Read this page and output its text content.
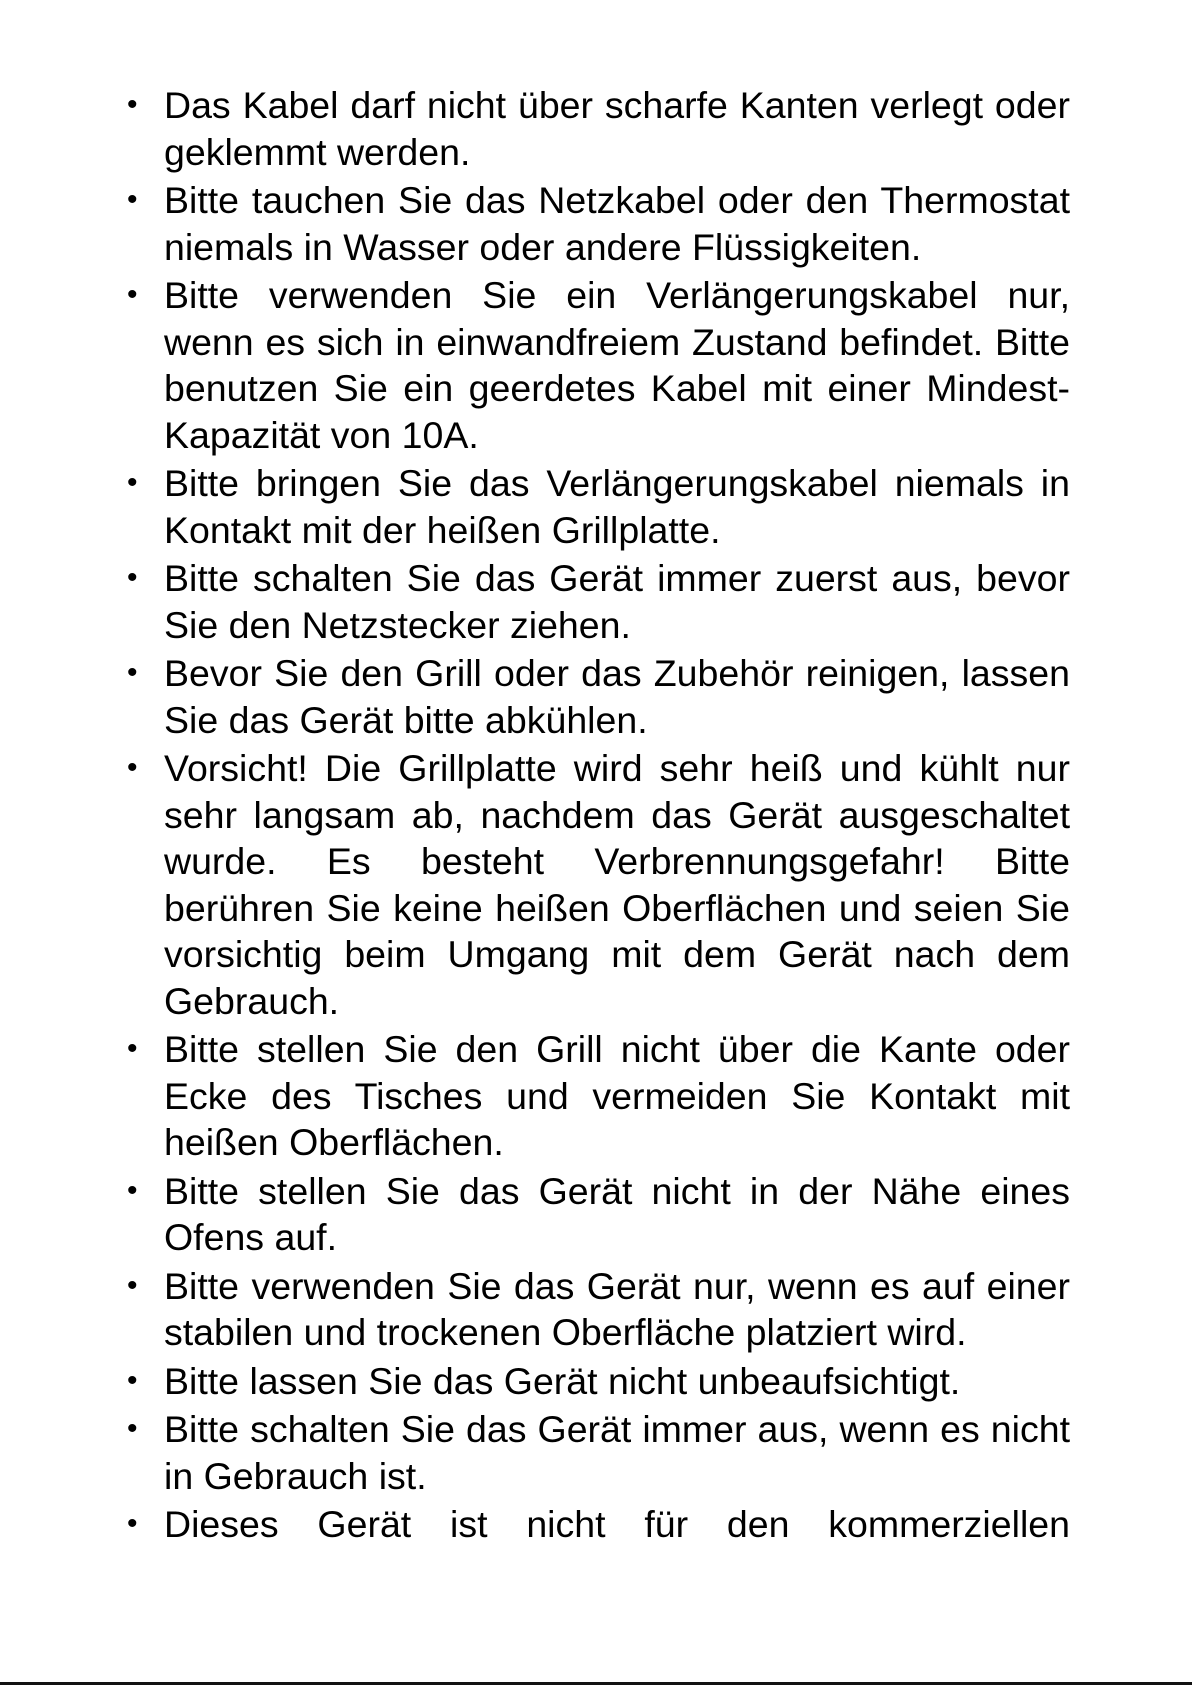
• Das Kabel darf nicht über scharfe Kanten verlegt oder geklemmt werden.
• Bitte tauchen Sie das Netzkabel oder den Thermostat niemals in Wasser oder andere Flüssigkeiten.
• Bitte verwenden Sie ein Verlängerungskabel nur, wenn es sich in einwandfreiem Zustand befindet. Bitte benutzen Sie ein geerdetes Kabel mit einer Mindest-Kapazität von 10A.
• Bitte bringen Sie das Verlängerungskabel niemals in Kontakt mit der heißen Grillplatte.
• Bitte schalten Sie das Gerät immer zuerst aus, bevor Sie den Netzstecker ziehen.
• Bevor Sie den Grill oder das Zubehör reinigen, lassen Sie das Gerät bitte abkühlen.
• Vorsicht! Die Grillplatte wird sehr heiß und kühlt nur sehr langsam ab, nachdem das Gerät ausgeschaltet wurde. Es besteht Verbrennungsgefahr! Bitte berühren Sie keine heißen Oberflächen und seien Sie vorsichtig beim Umgang mit dem Gerät nach dem Gebrauch.
• Bitte stellen Sie den Grill nicht über die Kante oder Ecke des Tisches und vermeiden Sie Kontakt mit heißen Oberflächen.
• Bitte stellen Sie das Gerät nicht in der Nähe eines Ofens auf.
• Bitte verwenden Sie das Gerät nur, wenn es auf einer stabilen und trockenen Oberfläche platziert wird.
• Bitte lassen Sie das Gerät nicht unbeaufsichtigt.
• Bitte schalten Sie das Gerät immer aus, wenn es nicht in Gebrauch ist.
• Dieses Gerät ist nicht für den kommerziellen
